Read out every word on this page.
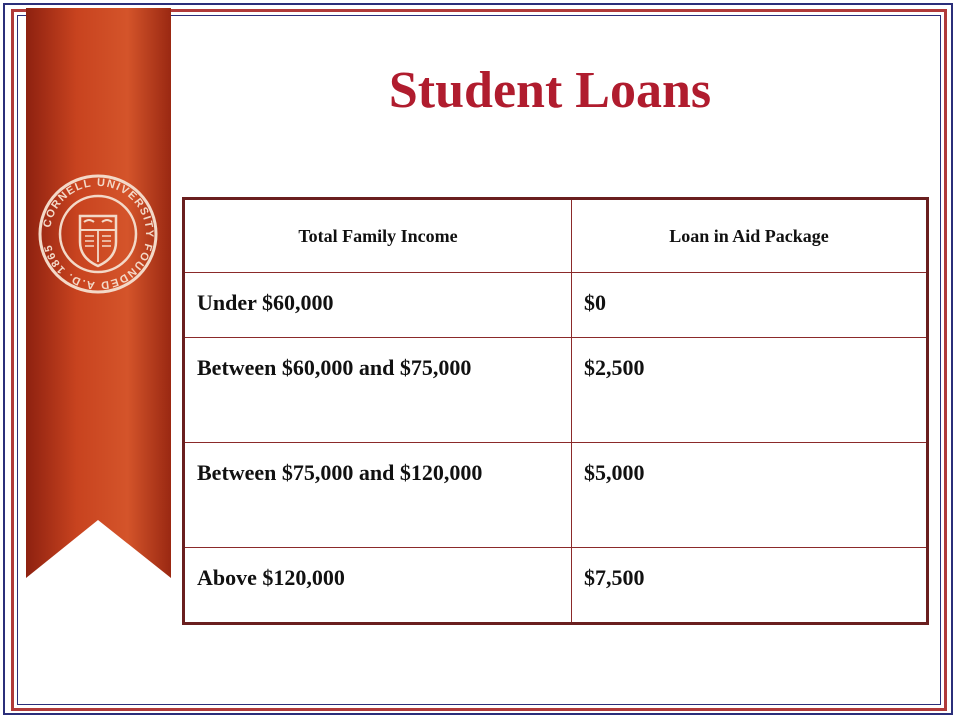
CORNELL UNIVERSITY FOUNDED A.D. 1865
Student Loans
Total Family Income	Loan in Aid Package
Under $60,000	$0
Between $60,000 and $75,000	$2,500
Between $75,000 and $120,000	$5,000
Above $120,000	$7,500
